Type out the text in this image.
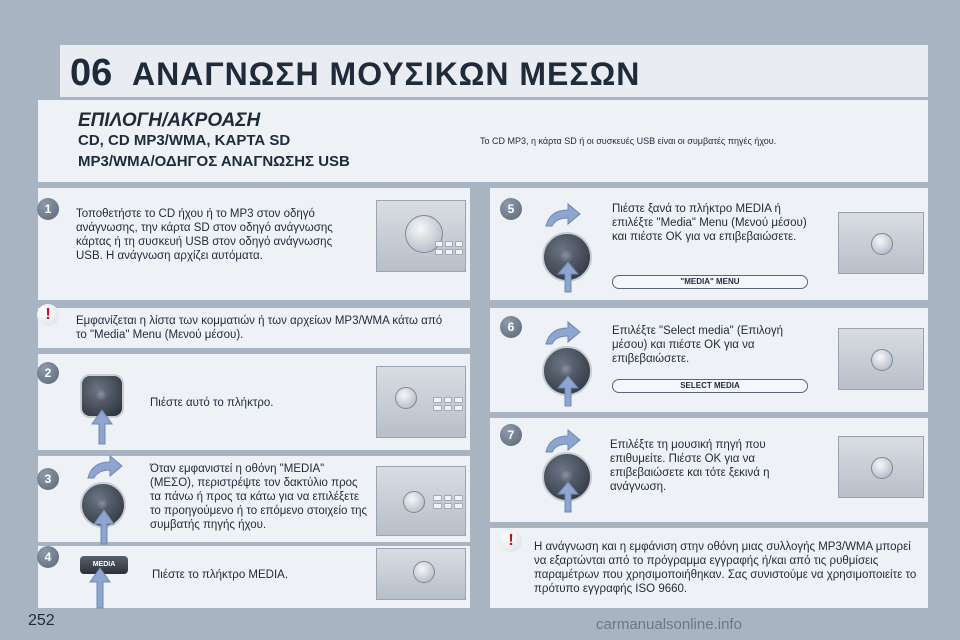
06 ΑΝΑΓΝΩΣΗ ΜΟΥΣΙΚΩΝ ΜΕΣΩΝ
ΕΠΙΛΟΓΗ/ΑΚΡΟΑΣΗ
CD, CD MP3/WMA, ΚΑΡΤΑ SD
MP3/WMA/ΟΔΗΓΟΣ ΑΝΑΓΝΩΣΗΣ USB
Το CD MP3, η κάρτα SD ή οι συσκευές USB είναι οι συμβατές πηγές ήχου.
1	Τοποθετήστε το CD ήχου ή το MP3 στον οδηγό ανάγνωσης, την κάρτα SD στον οδηγό ανάγνωσης κάρτας ή τη συσκευή USB στον οδηγό ανάγνωσης USB. Η ανάγνωση αρχίζει αυτόματα.
!	Εμφανίζεται η λίστα των κομματιών ή των αρχείων MP3/WMA κάτω από το "Media" Menu (Μενού μέσου).
2
Πιέστε αυτό το πλήκτρο.
3
Όταν εμφανιστεί η οθόνη "MEDIA" (ΜΕΣΟ), περιστρέψτε τον δακτύλιο προς τα πάνω ή προς τα κάτω για να επιλέξετε το προηγούμενο ή το επόμενο στοιχείο της συμβατής πηγής ήχου.
4
MEDIA
Πιέστε το πλήκτρο MEDIA.
5	Πιέστε ξανά το πλήκτρο MEDIA ή επιλέξτε "Media" Menu (Μενού μέσου) και πιέστε OK για να επιβεβαιώσετε.
"MEDIA" MENU
6	Επιλέξτε "Select media" (Επιλογή μέσου) και πιέστε OK για να επιβεβαιώσετε.
SELECT MEDIA
7
Επιλέξτε τη μουσική πηγή που επιθυμείτε. Πιέστε OK για να επιβεβαιώσετε και τότε ξεκινά η ανάγνωση.
!	Η ανάγνωση και η εμφάνιση στην οθόνη μιας συλλογής MP3/WMA μπορεί να εξαρτώνται από το πρόγραμμα εγγραφής ή/και από τις ρυθμίσεις παραμέτρων που χρησιμοποιήθηκαν. Σας συνιστούμε να χρησιμοποιείτε το πρότυπο εγγραφής ISO 9660.
252	carmanualsonline.info
